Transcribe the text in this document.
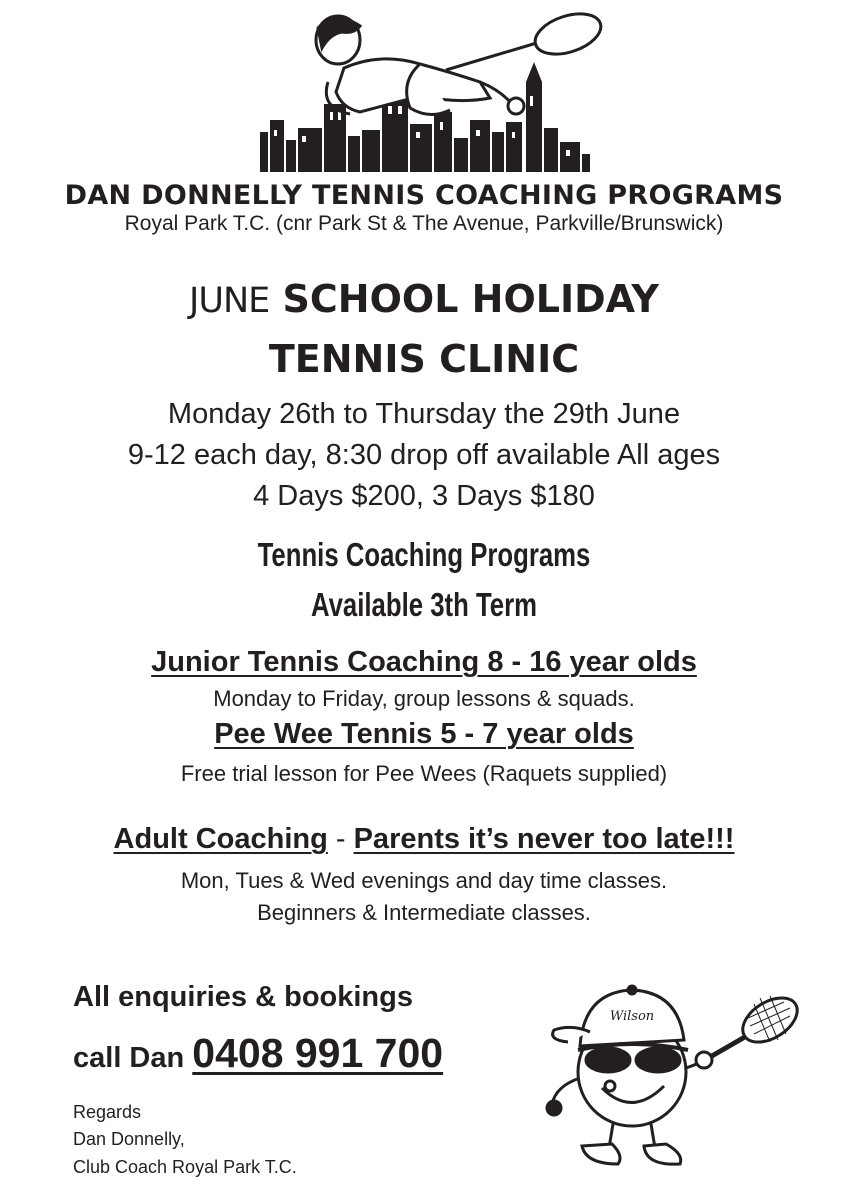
DAN DONNELLY TENNIS COACHING PROGRAMS
Royal Park T.C. (cnr Park St & The Avenue, Parkville/Brunswick)
JUNE SCHOOL HOLIDAY
TENNIS CLINIC
Monday 26th to Thursday the 29th June
9-12 each day, 8:30 drop off available All ages
4 Days $200, 3 Days $180
Tennis Coaching Programs
Available 3th Term
Junior Tennis Coaching 8 - 16 year olds
Monday to Friday, group lessons & squads.
Pee Wee Tennis 5 - 7 year olds
Free trial lesson for Pee Wees (Raquets supplied)
Adult Coaching - Parents it’s never too late!!!
Mon, Tues & Wed evenings and day time classes.
Beginners & Intermediate classes.
All enquiries & bookings
call Dan 0408 991 700
Regards
Dan Donnelly,
Club Coach Royal Park T.C.
Wilson
